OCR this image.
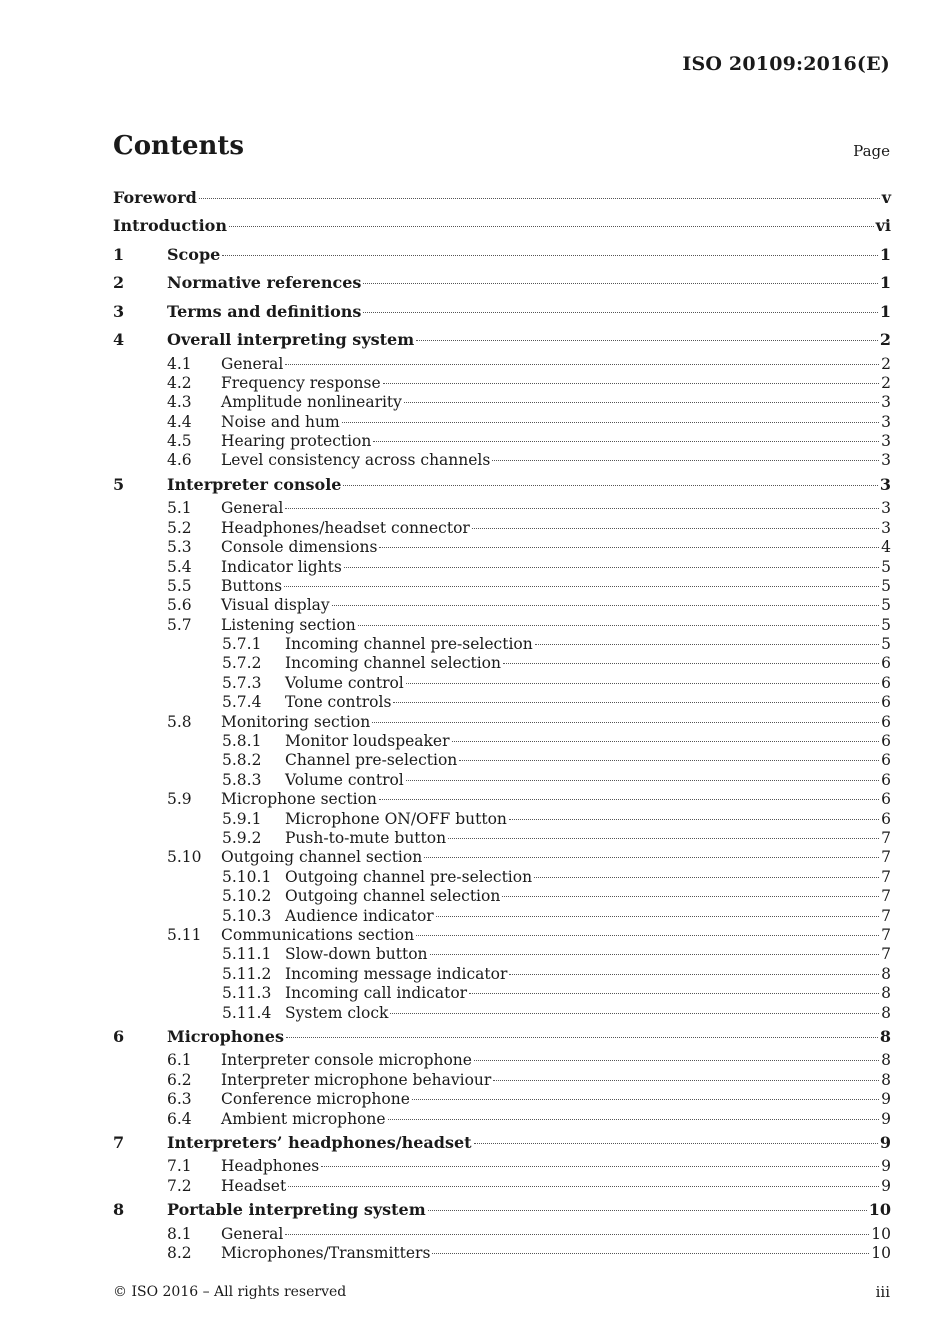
ISO 20109:2016(E)
Contents	Page
Foreword	v
Introduction	vi
1	Scope	1
2	Normative references	1
3	Terms and definitions	1
4	Overall interpreting system	2
4.1	General	2
4.2	Frequency response	2
4.3	Amplitude nonlinearity	3
4.4	Noise and hum	3
4.5	Hearing protection	3
4.6	Level consistency across channels	3
5	Interpreter console	3
5.1	General	3
5.2	Headphones/headset connector	3
5.3	Console dimensions	4
5.4	Indicator lights	5
5.5	Buttons	5
5.6	Visual display	5
5.7	Listening section	5
5.7.1	Incoming channel pre-selection	5
5.7.2	Incoming channel selection	6
5.7.3	Volume control	6
5.7.4	Tone controls	6
5.8	Monitoring section	6
5.8.1	Monitor loudspeaker	6
5.8.2	Channel pre-selection	6
5.8.3	Volume control	6
5.9	Microphone section	6
5.9.1	Microphone ON/OFF button	6
5.9.2	Push-to-mute button	7
5.10	Outgoing channel section	7
5.10.1 Outgoing channel pre-selection	7
5.10.2 Outgoing channel selection	7
5.10.3 Audience indicator	7
5.11	Communications section	7
5.11.1 Slow-down button	7
5.11.2 Incoming message indicator	8
5.11.3 Incoming call indicator	8
5.11.4 System clock	8
6	Microphones	8
6.1	Interpreter console microphone	8
6.2	Interpreter microphone behaviour	8
6.3	Conference microphone	9
6.4	Ambient microphone	9
7	Interpreters’ headphones/headset	9
7.1	Headphones	9
7.2	Headset	9
8	Portable interpreting system	10
8.1	General	10
8.2	Microphones/Transmitters	10
© ISO 2016 – All rights reserved	iii
